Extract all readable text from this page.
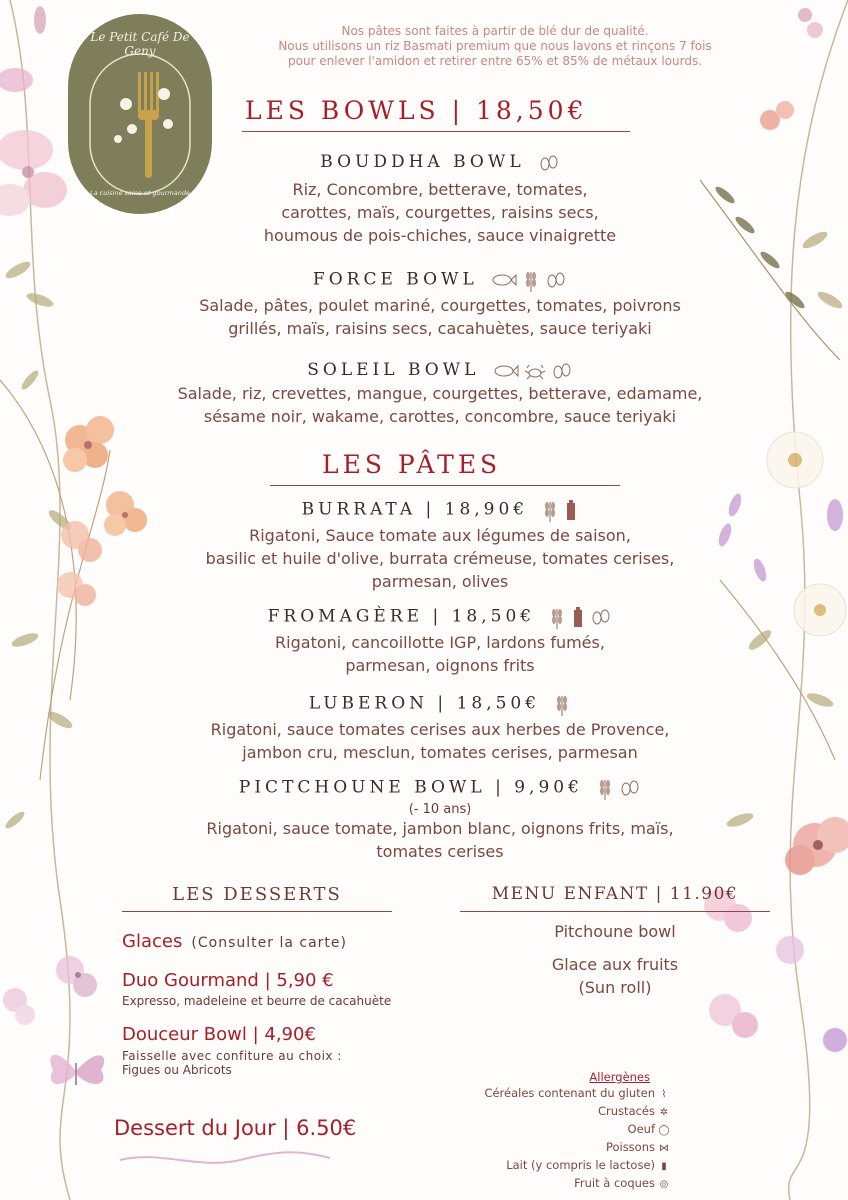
Le Petit Café De Geny
La cuisine saine et gourmande
Nos pâtes sont faites à partir de blé dur de qualité.
Nous utilisons un riz Basmati premium que nous lavons et rinçons 7 fois
pour enlever l'amidon et retirer entre 65% et 85% de métaux lourds.
LES BOWLS | 18,50€
BOUDDHA BOWL
Riz, Concombre, betterave, tomates,
carottes, maïs, courgettes, raisins secs,
houmous de pois-chiches, sauce vinaigrette
FORCE BOWL
Salade, pâtes, poulet mariné, courgettes, tomates, poivrons
grillés, maïs, raisins secs, cacahuètes, sauce teriyaki
SOLEIL BOWL
Salade, riz, crevettes, mangue, courgettes, betterave, edamame,
sésame noir, wakame, carottes, concombre, sauce teriyaki
LES PÂTES
BURRATA | 18,90€
Rigatoni, Sauce tomate aux légumes de saison,
basilic et huile d'olive, burrata crémeuse, tomates cerises,
parmesan, olives
FROMAGÈRE | 18,50€
Rigatoni, cancoillotte IGP, lardons fumés,
parmesan, oignons frits
LUBERON | 18,50€
Rigatoni, sauce tomates cerises aux herbes de Provence,
jambon cru, mesclun, tomates cerises, parmesan
PICTCHOUNE BOWL | 9,90€
(- 10 ans)
Rigatoni, sauce tomate, jambon blanc, oignons frits, maïs,
tomates cerises
LES DESSERTS
Glaces (Consulter la carte)
Duo Gourmand | 5,90 €
Expresso, madeleine et beurre de cacahuète
Douceur Bowl | 4,90€
Faisselle avec confiture au choix :
Figues ou Abricots
Dessert du Jour | 6.50€
MENU ENFANT | 11.90€
Pitchoune bowl
Glace aux fruits
(Sun roll)
Allergènes
Céréales contenant du gluten ⌇
Crustacés ✲
Oeuf ◯
Poissons ⋈
Lait (y compris le lactose) ▮
Fruit à coques ◎
